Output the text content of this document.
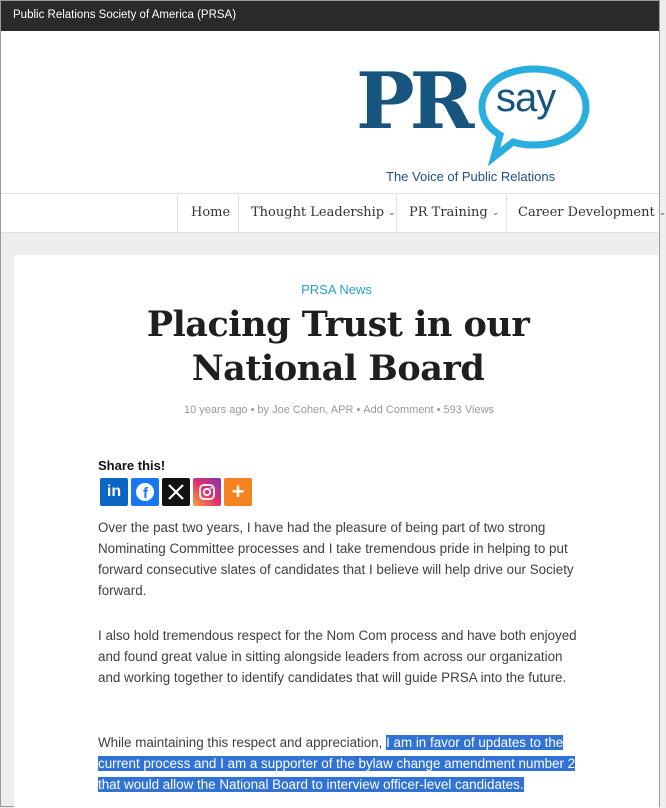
Public Relations Society of America (PRSA)
PR say
The Voice of Public Relations
Home	Thought Leadership ⌄	PR Training ⌄	Career Development ⌄
PRSA News
Placing Trust in our National Board
10 years ago • by Joe Cohen, APR • Add Comment • 593 Views
Share this!
in f	+

Over the past two years, I have had the pleasure of being part of two strong Nominating Committee processes and I take tremendous pride in helping to put forward consecutive slates of candidates that I believe will help drive our Society forward.

I also hold tremendous respect for the Nom Com process and have both enjoyed and found great value in sitting alongside leaders from across our organization and working together to identify candidates that will guide PRSA into the future.

While maintaining this respect and appreciation, I am in favor of updates to the current process and I am a supporter of the bylaw change amendment number 2 that would allow the National Board to interview officer-level candidates.
